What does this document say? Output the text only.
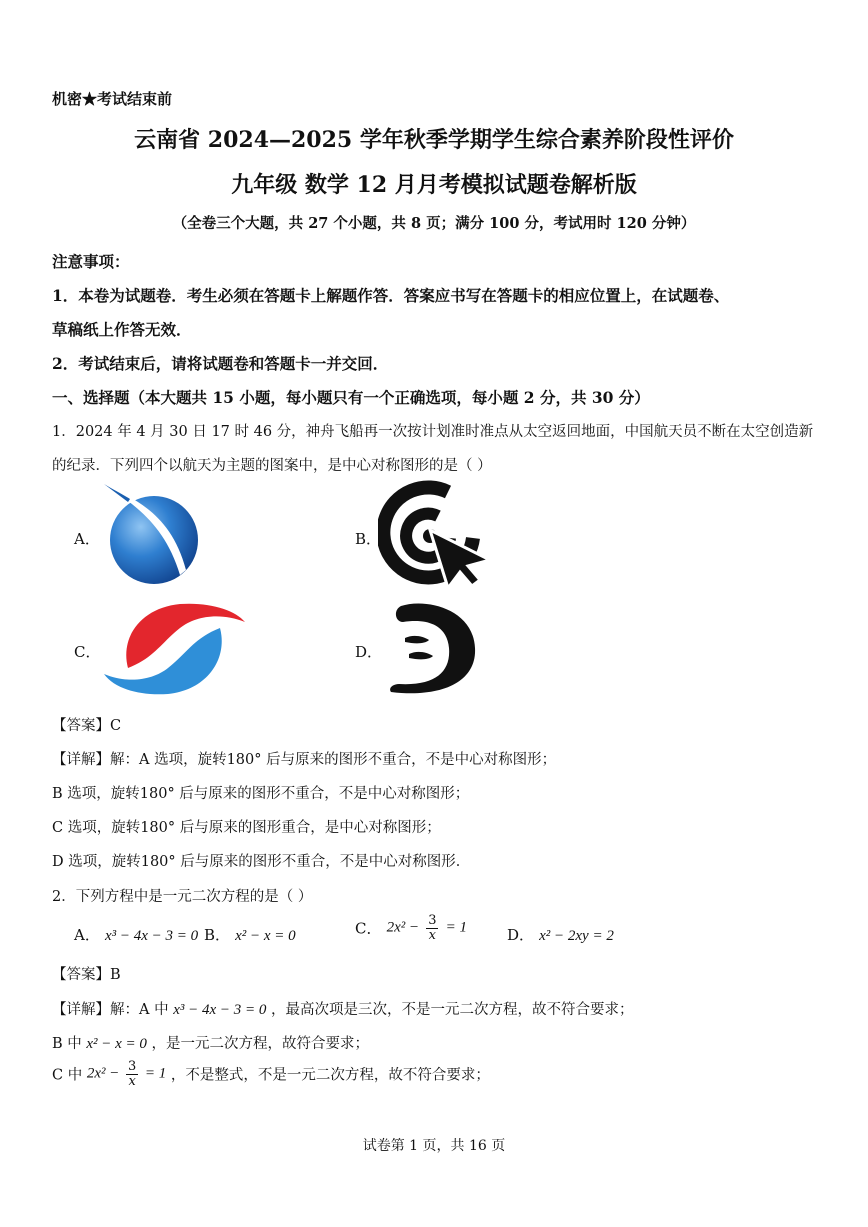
机密★考试结束前
云南省 2024—2025 学年秋季学期学生综合素养阶段性评价
九年级 数学 12 月月考模拟试题卷解析版
（全卷三个大题，共 27 个小题，共 8 页；满分 100 分，考试用时 120 分钟）
注意事项：
1．本卷为试题卷．考生必须在答题卡上解题作答．答案应书写在答题卡的相应位置上，在试题卷、
草稿纸上作答无效．
2．考试结束后，请将试题卷和答题卡一并交回．
一、选择题（本大题共 15 小题，每小题只有一个正确选项，每小题 2 分，共 30 分）
1．2024 年 4 月 30 日 17 时 46 分，神舟飞船再一次按计划准时准点从太空返回地面，中国航天员不断在太空创造新
的纪录．下列四个以航天为主题的图案中，是中心对称图形的是（ ）
A．	B．
C．	D．
【答案】C
【详解】解：A 选项，旋转180° 后与原来的图形不重合，不是中心对称图形；
B 选项，旋转180° 后与原来的图形不重合，不是中心对称图形；
C 选项，旋转180° 后与原来的图形重合，是中心对称图形；
D 选项，旋转180° 后与原来的图形不重合，不是中心对称图形．
2．下列方程中是一元二次方程的是（ ）
A． x³ − 4x − 3 = 0 B． x² − x = 0	C． $2x^2 - \frac{3}{x} = 1$	D． x² − 2xy = 2
【答案】B
【详解】解：A 中 x³ − 4x − 3 = 0 ，最高次项是三次，不是一元二次方程，故不符合要求；
B 中 x² − x = 0 ，是一元二次方程，故符合要求；
C 中 $2x^2 - \frac{3}{x} = 1$ ，不是整式，不是一元二次方程，故不符合要求；
试卷第 1 页，共 16 页
